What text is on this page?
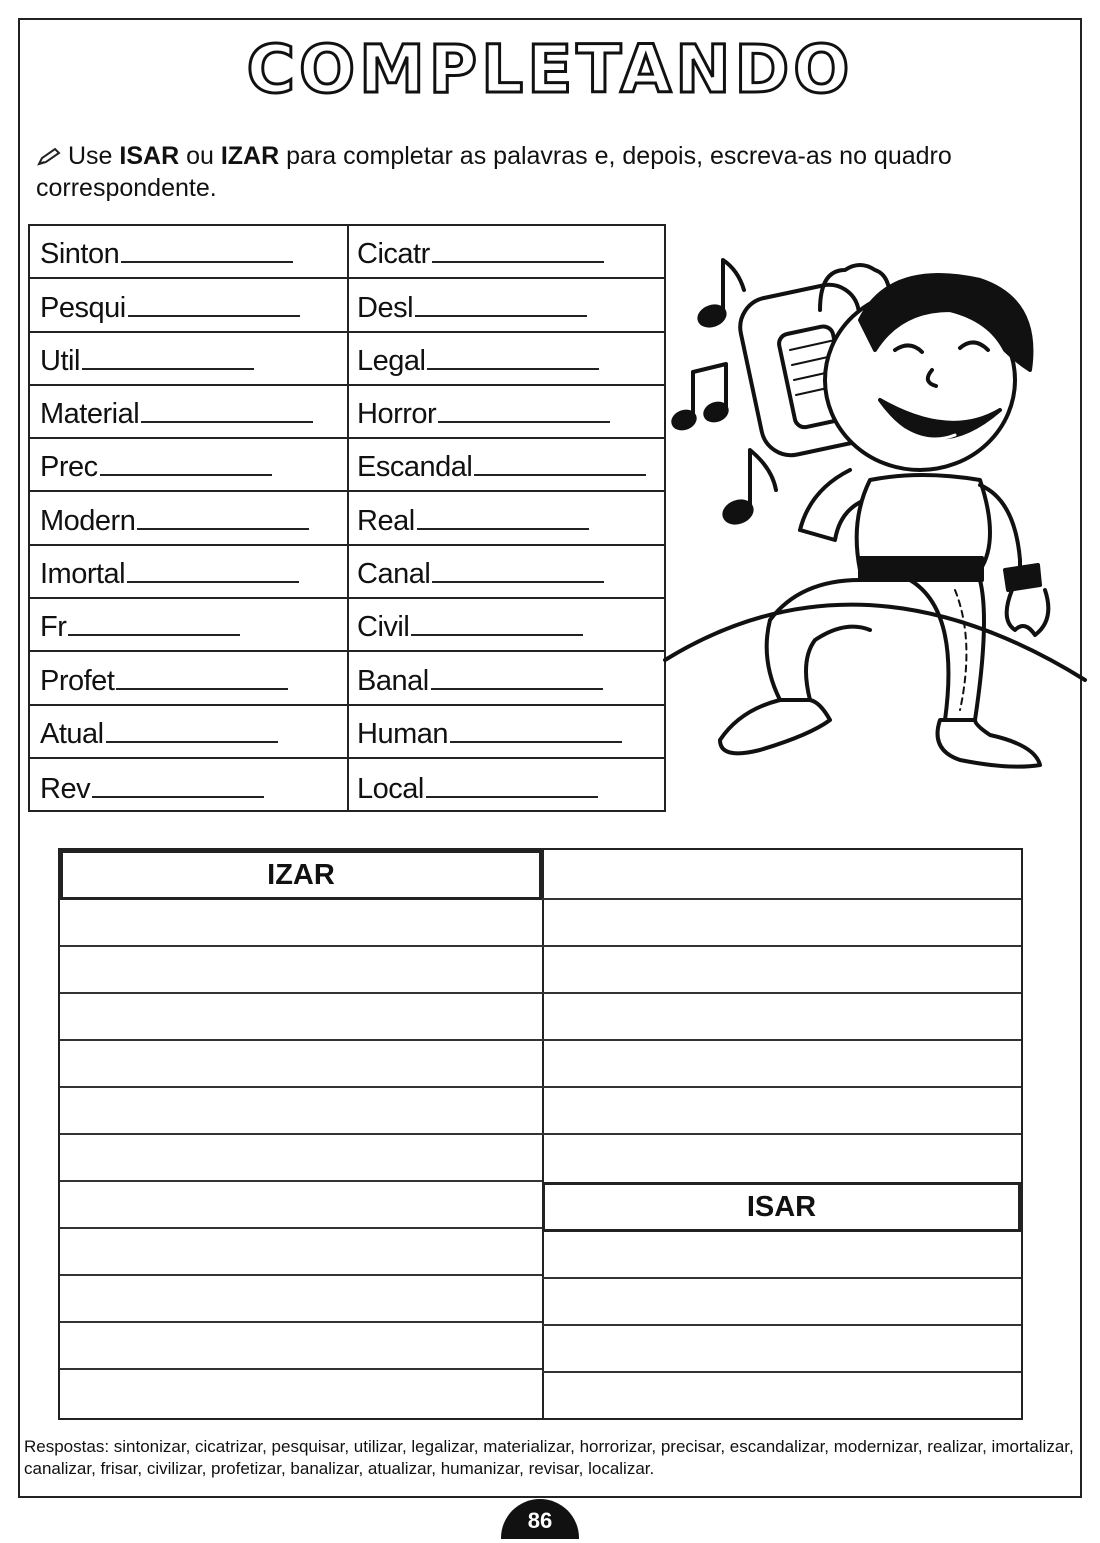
COMPLETANDO
Use ISAR ou IZAR para completar as palavras e, depois, escreva-as no quadro correspondente.
Sinton
Pesqui
Util
Material
Prec
Modern
Imortal
Fr
Profet
Atual
Rev
Cicatr
Desl
Legal
Horror
Escandal
Real
Canal
Civil
Banal
Human
Local
IZAR
ISAR
Respostas: sintonizar, cicatrizar, pesquisar, utilizar, legalizar, materializar, horrorizar, precisar, escandalizar, modernizar, realizar, imortalizar, canalizar, frisar, civilizar, profetizar, banalizar, atualizar, humanizar, revisar, localizar.
86
